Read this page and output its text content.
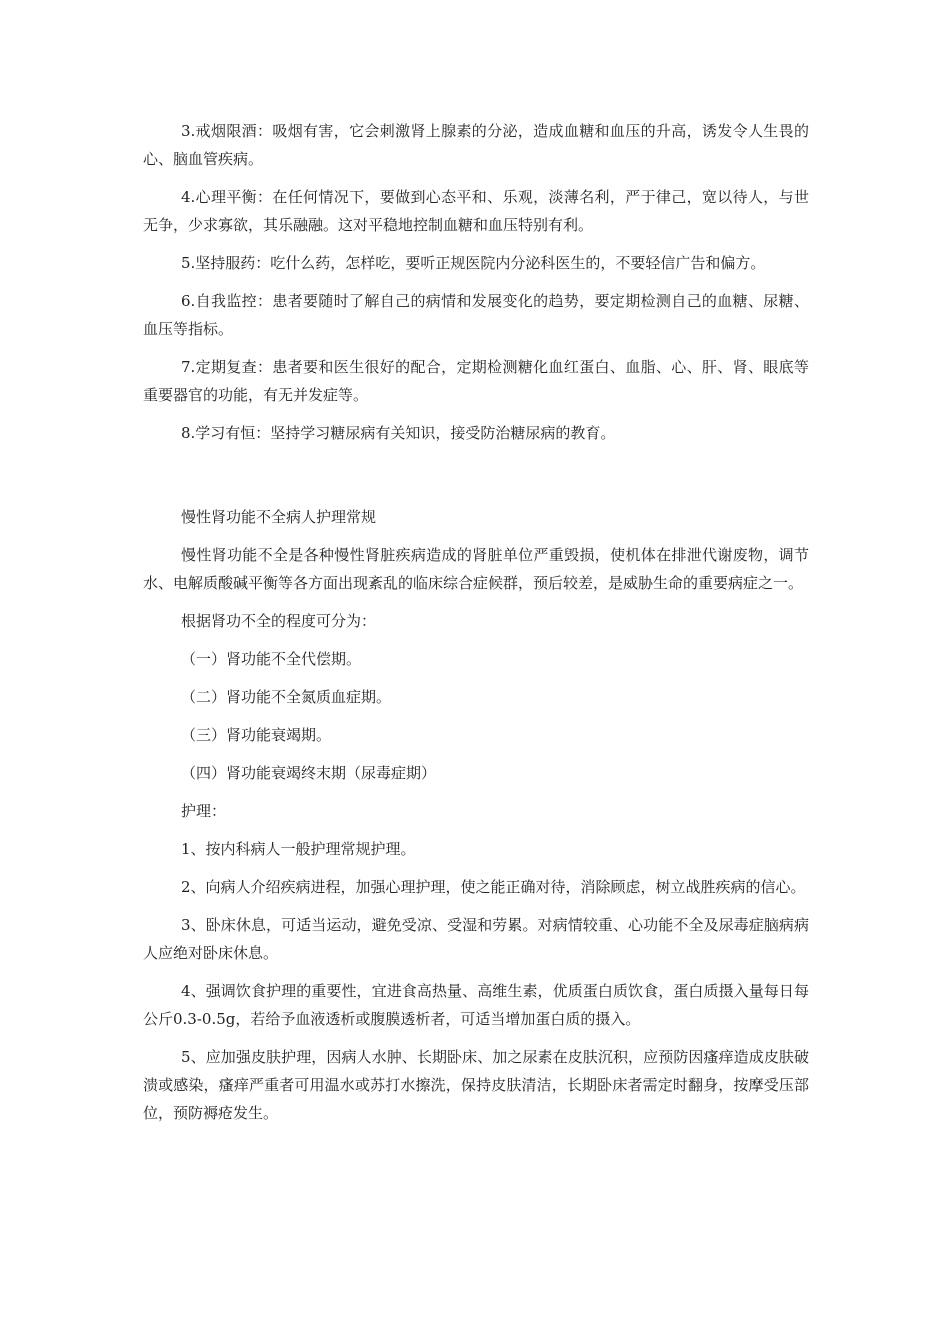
3.戒烟限酒：吸烟有害，它会刺激肾上腺素的分泌，造成血糖和血压的升高，诱发令人生畏的心、脑血管疾病。

4.心理平衡：在任何情况下，要做到心态平和、乐观，淡薄名利，严于律己，宽以待人，与世无争，少求寡欲，其乐融融。这对平稳地控制血糖和血压特别有利。

5.坚持服药：吃什么药，怎样吃，要听正规医院内分泌科医生的，不要轻信广告和偏方。

6.自我监控：患者要随时了解自己的病情和发展变化的趋势，要定期检测自己的血糖、尿糖、血压等指标。

7.定期复查：患者要和医生很好的配合，定期检测糖化血红蛋白、血脂、心、肝、肾、眼底等重要器官的功能，有无并发症等。

8.学习有恒：坚持学习糖尿病有关知识，接受防治糖尿病的教育。

慢性肾功能不全病人护理常规

慢性肾功能不全是各种慢性肾脏疾病造成的肾脏单位严重毁损，使机体在排泄代谢废物，调节水、电解质酸碱平衡等各方面出现紊乱的临床综合症候群，预后较差，是威胁生命的重要病症之一。

根据肾功不全的程度可分为：

（一）肾功能不全代偿期。

（二）肾功能不全氮质血症期。

（三）肾功能衰竭期。

（四）肾功能衰竭终末期（尿毒症期）

护理：

1、按内科病人一般护理常规护理。

2、向病人介绍疾病进程，加强心理护理，使之能正确对待，消除顾虑，树立战胜疾病的信心。

3、卧床休息，可适当运动，避免受凉、受湿和劳累。对病情较重、心功能不全及尿毒症脑病病人应绝对卧床休息。

4、强调饮食护理的重要性，宜进食高热量、高维生素，优质蛋白质饮食，蛋白质摄入量每日每公斤0.3-0.5g，若给予血液透析或腹膜透析者，可适当增加蛋白质的摄入。

5、应加强皮肤护理，因病人水肿、长期卧床、加之尿素在皮肤沉积，应预防因瘙痒造成皮肤破溃或感染，瘙痒严重者可用温水或苏打水擦洗，保持皮肤清洁，长期卧床者需定时翻身，按摩受压部位，预防褥疮发生。
